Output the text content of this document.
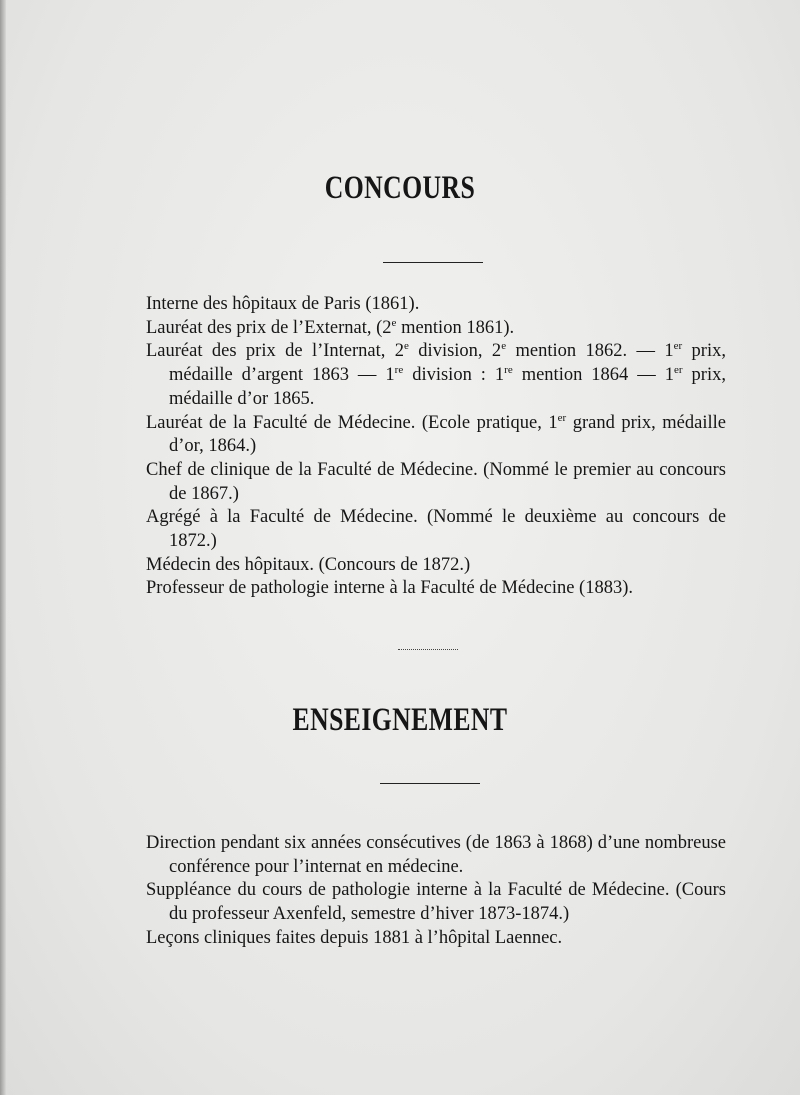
CONCOURS
Interne des hôpitaux de Paris (1861).
Lauréat des prix de l’Externat, (2e mention 1861).
Lauréat des prix de l’Internat, 2e division, 2e mention 1862. — 1er prix, médaille d’argent 1863 — 1re division : 1re mention 1864 — 1er prix, médaille d’or 1865.
Lauréat de la Faculté de Médecine. (Ecole pratique, 1er grand prix, médaille d’or, 1864.)
Chef de clinique de la Faculté de Médecine. (Nommé le premier au concours de 1867.)
Agrégé à la Faculté de Médecine. (Nommé le deuxième au concours de 1872.)
Médecin des hôpitaux. (Concours de 1872.)
Professeur de pathologie interne à la Faculté de Médecine (1883).
ENSEIGNEMENT
Direction pendant six années consécutives (de 1863 à 1868) d’une nombreuse conférence pour l’internat en médecine.
Suppléance du cours de pathologie interne à la Faculté de Médecine. (Cours du professeur Axenfeld, semestre d’hiver 1873-1874.)
Leçons cliniques faites depuis 1881 à l’hôpital Laennec.
